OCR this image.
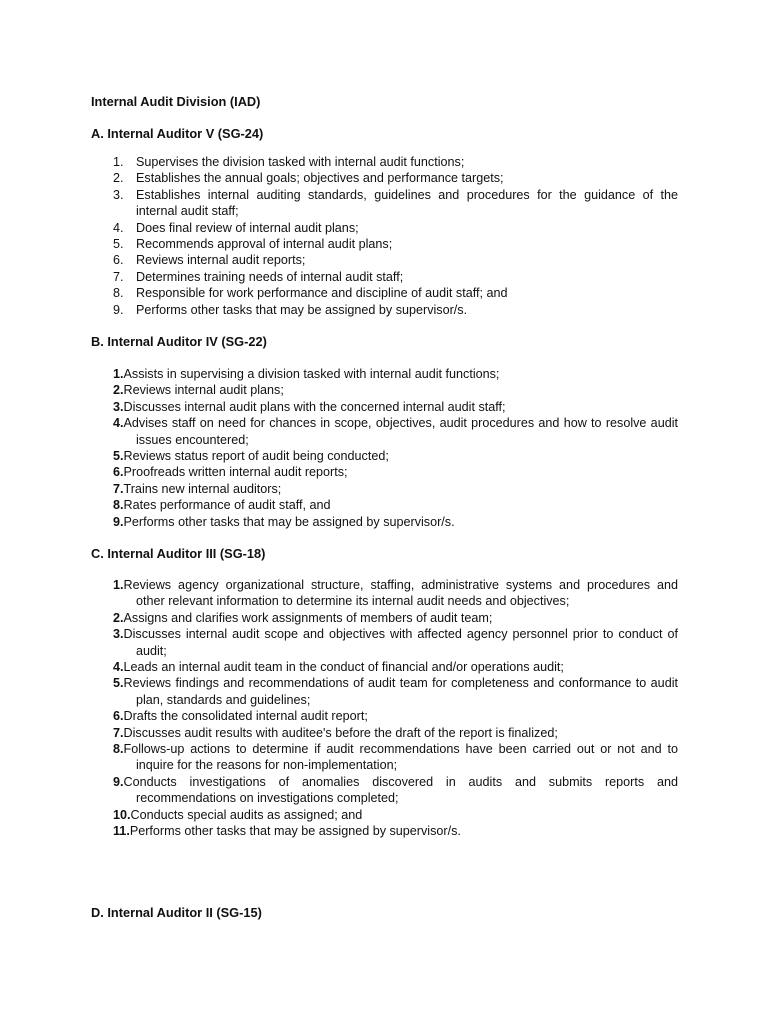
Internal Audit Division (IAD)
A. Internal Auditor V (SG-24)
1. Supervises the division tasked with internal audit functions;
2. Establishes the annual goals; objectives and performance targets;
3. Establishes internal auditing standards, guidelines and procedures for the guidance of the internal audit staff;
4. Does final review of internal audit plans;
5. Recommends approval of internal audit plans;
6. Reviews internal audit reports;
7. Determines training needs of internal audit staff;
8. Responsible for work performance and discipline of audit staff; and
9. Performs other tasks that may be assigned by supervisor/s.
B. Internal Auditor IV (SG-22)
1.Assists in supervising a division tasked with internal audit functions;
2.Reviews internal audit plans;
3.Discusses internal audit plans with the concerned internal audit staff;
4.Advises staff on need for chances in scope, objectives, audit procedures and how to resolve audit issues encountered;
5.Reviews status report of audit being conducted;
6.Proofreads written internal audit reports;
7.Trains new internal auditors;
8.Rates performance of audit staff, and
9.Performs other tasks that may be assigned by supervisor/s.
C. Internal Auditor III (SG-18)
1.Reviews agency organizational structure, staffing, administrative systems and procedures and other relevant information to determine its internal audit needs and objectives;
2.Assigns and clarifies work assignments of members of audit team;
3.Discusses internal audit scope and objectives with affected agency personnel prior to conduct of audit;
4.Leads an internal audit team in the conduct of financial and/or operations audit;
5.Reviews findings and recommendations of audit team for completeness and conformance to audit plan, standards and guidelines;
6.Drafts the consolidated internal audit report;
7.Discusses audit results with auditee's before the draft of the report is finalized;
8.Follows-up actions to determine if audit recommendations have been carried out or not and to inquire for the reasons for non-implementation;
9.Conducts investigations of anomalies discovered in audits and submits reports and recommendations on investigations completed;
10.Conducts special audits as assigned; and
11.Performs other tasks that may be assigned by supervisor/s.
D. Internal Auditor II (SG-15)
